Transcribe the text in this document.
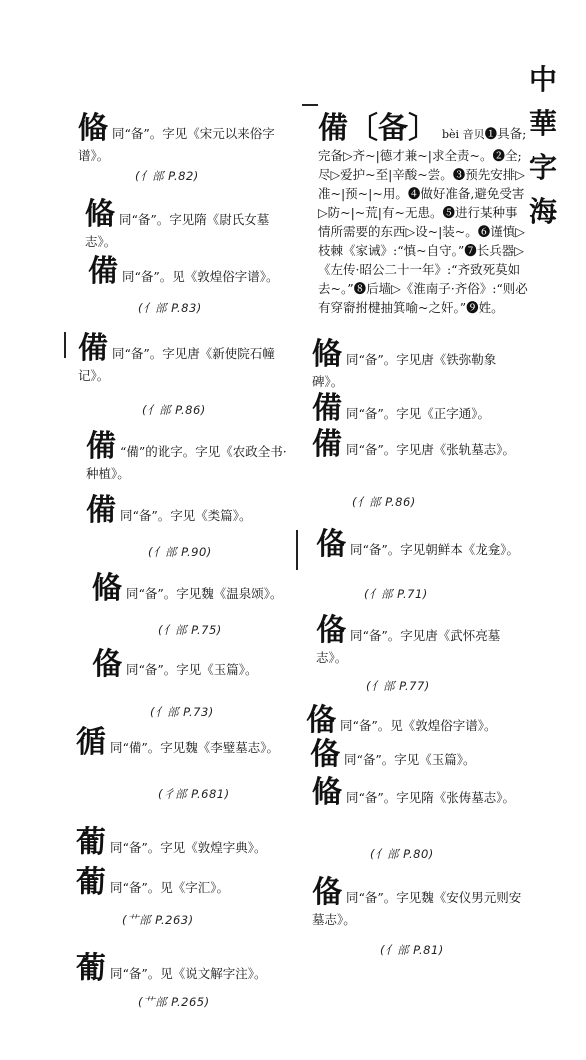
中
華
字
海
偹同“备”。字见《宋元以来俗字谱》。
(亻部 P.82)
偹同“备”。字见隋《尉氏女墓志》。
備同“备”。见《敦煌俗字谱》。
(亻部 P.83)
備同“备”。字见唐《新使院石幢记》。
(亻部 P.86)
備 “備”的讹字。字见《农政全书·种植》。
備同“备”。字见《类篇》。
(亻部 P.90)
偹同“备”。字见魏《温泉颂》。
(亻部 P.75)
俻同“备”。字见《玉篇》。
(亻部 P.73)
循同“備”。字见魏《李璧墓志》。
(彳部 P.681)
葡同“备”。字见《敦煌字典》。
葡同“备”。见《字汇》。
(艹部 P.263)
葡同“备”。见《说文解字注》。
(艹部 P.265)
備〔备〕 bèi 音贝❶具备;完备▷齐~|德才兼~|求全责~。❷全;尽▷爱护~至|辛酸~尝。❸预先安排▷准~|预~|~用。❹做好准备,避免受害▷防~|~荒|有~无患。❺进行某种事情所需要的东西▷设~|装~。❻谨慎▷枝棘《家诫》:“慎~自守。”❼长兵器▷《左传·昭公二十一年》:“齐致死莫如去~。”❽后墙▷《淮南子·齐俗》:“则必有穿窬拊楗抽箕喻~之奸。”❾姓。
偹同“备”。字见唐《铁弥勒象碑》。
備同“备”。字见《正字通》。
備同“备”。字见唐《张轨墓志》。
(亻部 P.86)
俻同“备”。字见朝鲜本《龙龛》。
(亻部 P.71)
俻同“备”。字见唐《武怀亮墓志》。
(亻部 P.77)
俻同“备”。见《敦煌俗字谱》。
俻同“备”。字见《玉篇》。
偹同“备”。字见隋《张俦墓志》。
(亻部 P.80)
俻同“备”。字见魏《安仪男元则安墓志》。
(亻部 P.81)
